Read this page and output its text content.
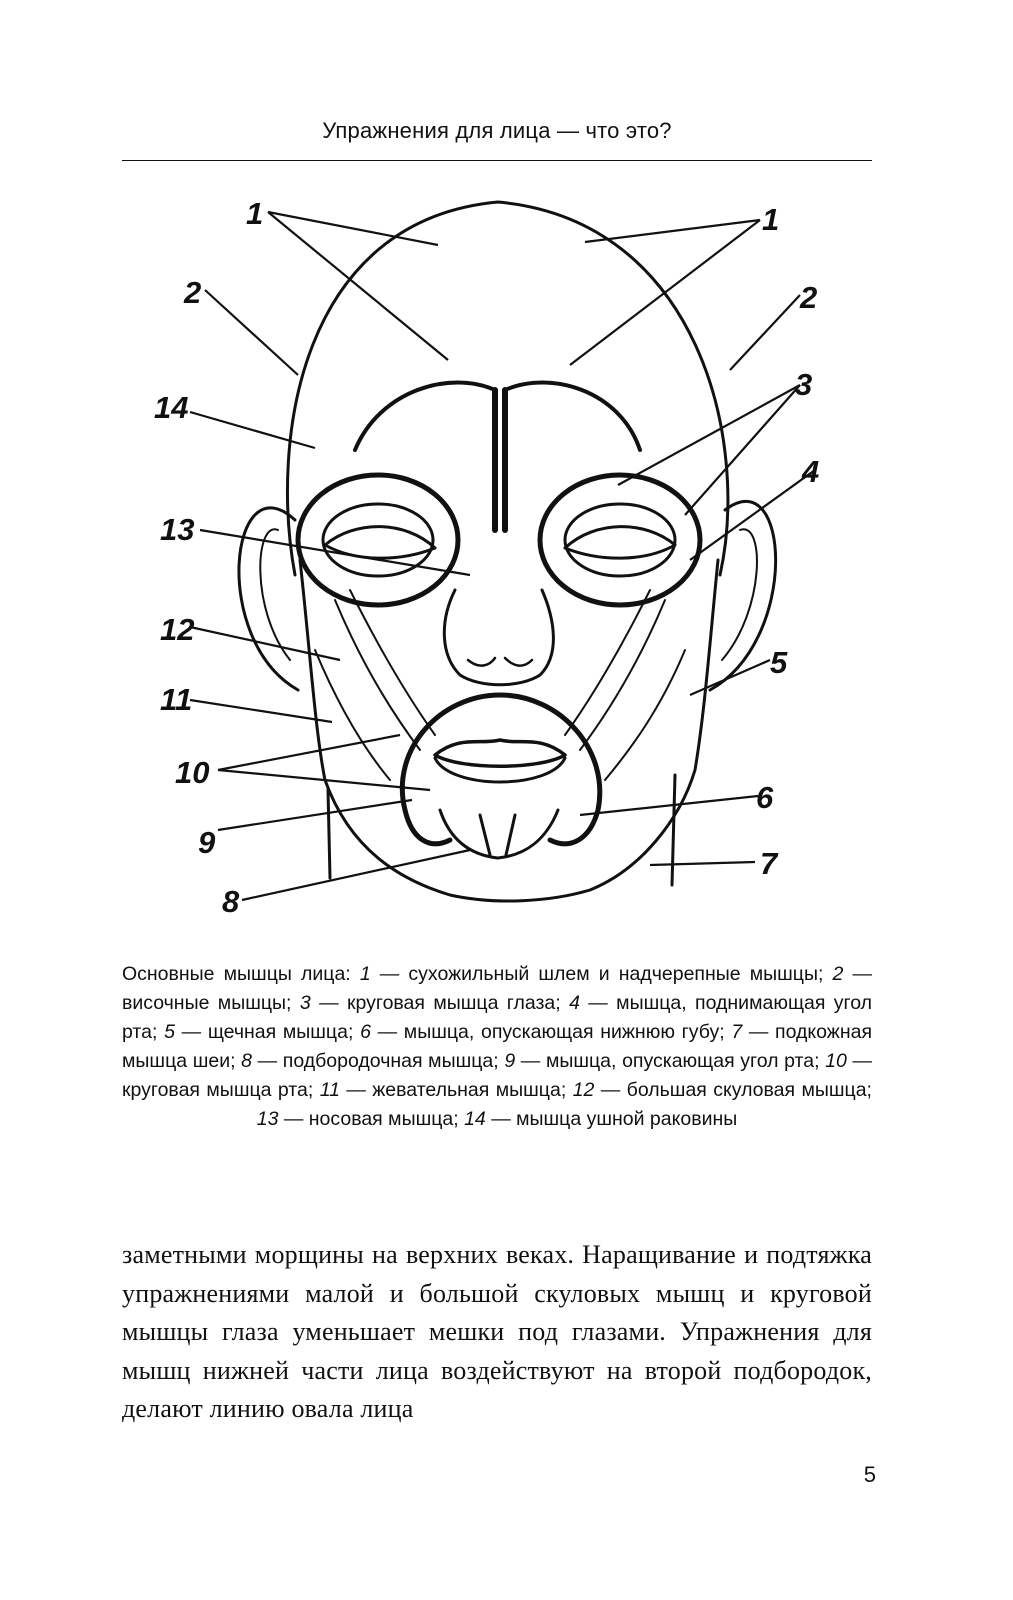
Упражнения для лица — что это?
1	1
2	2
3
4
5
6
7
8
9
10
11
12
13
14
Основные мышцы лица: 1 — сухожильный шлем и надчерепные мышцы; 2 — височные мышцы; 3 — круговая мышца глаза; 4 — мышца, поднимающая угол рта; 5 — щечная мышца; 6 — мышца, опускающая нижнюю губу; 7 — подкожная мышца шеи; 8 — подбородочная мышца; 9 — мышца, опускающая угол рта; 10 — круговая мышца рта; 11 — жевательная мышца; 12 — большая скуловая мышца; 13 — носовая мышца; 14 — мышца ушной раковины
заметными морщины на верхних веках. Наращивание и подтяжка упражнениями малой и большой скуловых мышц и круговой мышцы глаза уменьшает мешки под глазами. Упражнения для мышц нижней части лица воздействуют на второй подбородок, делают линию овала лица
5
